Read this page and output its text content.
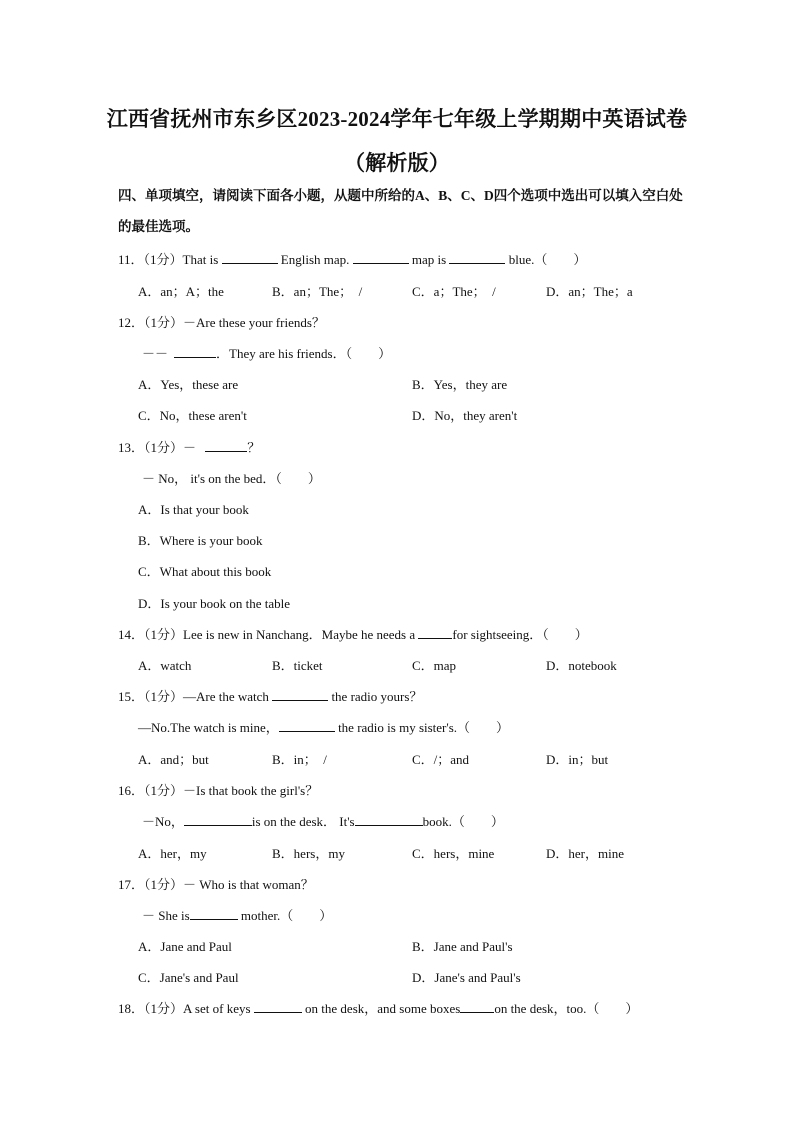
江西省抚州市东乡区2023-2024学年七年级上学期期中英语试卷
（解析版）
四、单项填空，请阅读下面各小题，从题中所给的A、B、C、D四个选项中选出可以填入空白处的最佳选项。
11．（1分）That is	English map.	map is	blue.（　　）
A．an；A；the	B．an；The；　/	C．a；The；　/	D．an；The；a
12．（1分）－Are these your friends？
－－	．They are his friends．（　　）
A．Yes，these are	B．Yes，they are
C．No，these aren't	D．No，they aren't
13．（1分）－	？
－ No， it's on the bed．（　　）
A．Is that your book
B．Where is your book
C．What about this book
D．Is your book on the table
14．（1分）Lee is new in Nanchang．Maybe he needs a	for sightseeing．（　　）
A．watch	B．ticket	C．map	D．notebook
15．（1分）—Are the watch	the radio yours？
—No.The watch is mine，	the radio is my sister's.（　　）
A．and；but	B．in；　/	C．/；and	D．in；but
16．（1分）－Is that book the girl's？
－No，	is on the desk． It's	book.（　　）
A．her，my	B．hers，my	C．hers，mine	D．her，mine
17．（1分）－ Who is that woman？
－ She is	mother.（　　）
A．Jane and Paul	B．Jane and Paul's
C．Jane's and Paul	D．Jane's and Paul's
18．（1分）A set of keys	on the desk，and some boxes	on the desk，too.（　　）
